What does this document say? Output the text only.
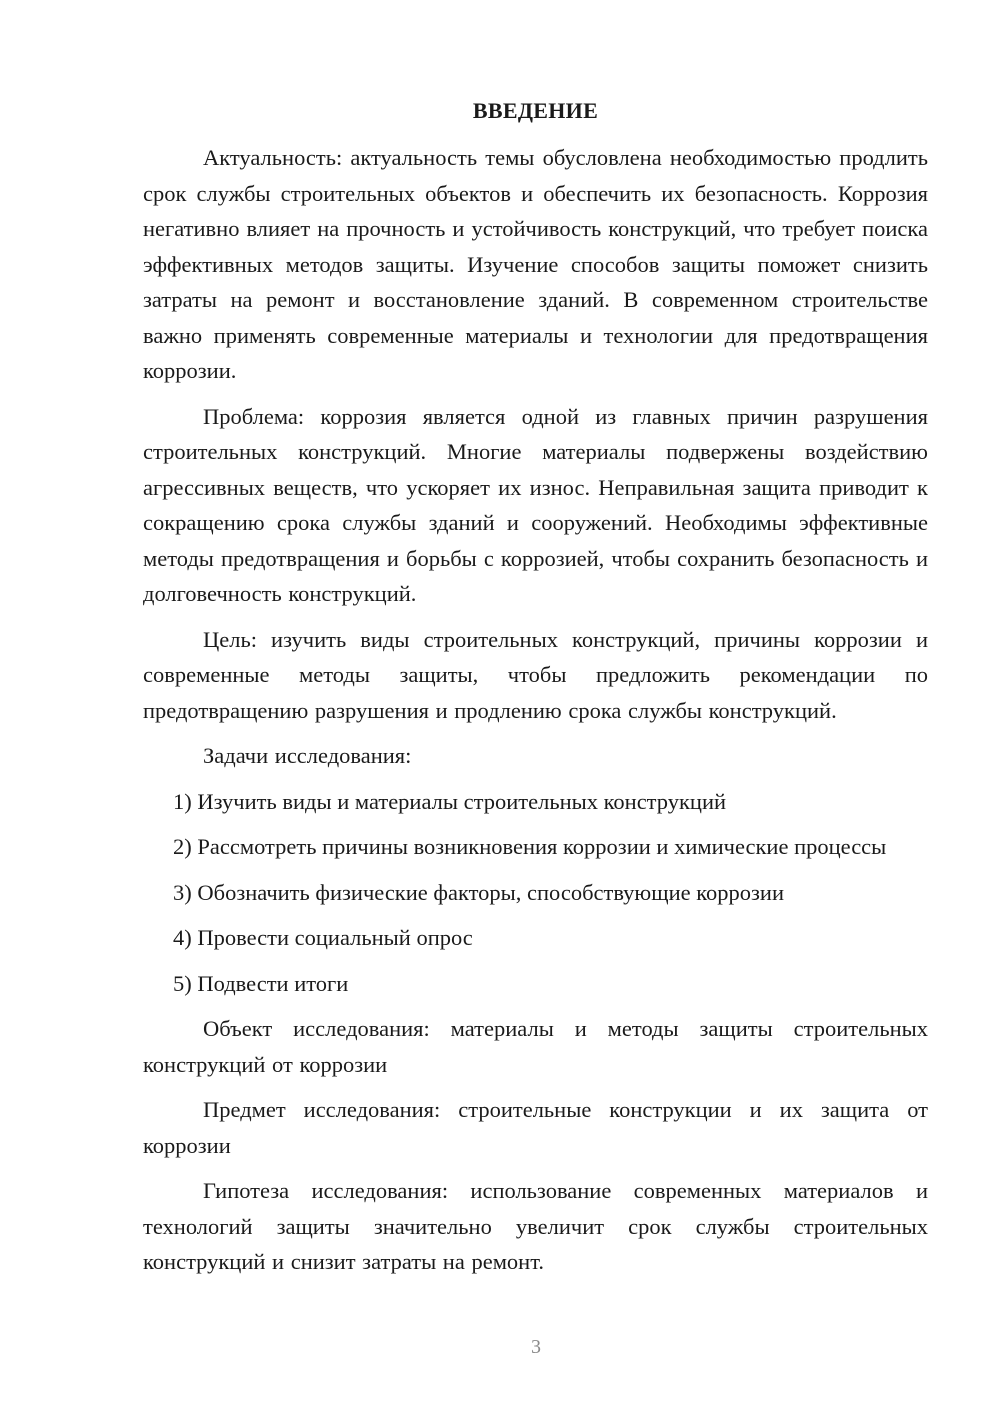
ВВЕДЕНИЕ

Актуальность: актуальность темы обусловлена необходимостью продлить срок службы строительных объектов и обеспечить их безопасность. Коррозия негативно влияет на прочность и устойчивость конструкций, что требует поиска эффективных методов защиты. Изучение способов защиты поможет снизить затраты на ремонт и восстановление зданий. В современном строительстве важно применять современные материалы и технологии для предотвращения коррозии.

Проблема: коррозия является одной из главных причин разрушения строительных конструкций. Многие материалы подвержены воздействию агрессивных веществ, что ускоряет их износ. Неправильная защита приводит к сокращению срока службы зданий и сооружений. Необходимы эффективные методы предотвращения и борьбы с коррозией, чтобы сохранить безопасность и долговечность конструкций.

Цель: изучить виды строительных конструкций, причины коррозии и современные методы защиты, чтобы предложить рекомендации по предотвращению разрушения и продлению срока службы конструкций.

Задачи исследования:

1) Изучить виды и материалы строительных конструкций

2) Рассмотреть причины возникновения коррозии и химические процессы

3) Обозначить физические факторы, способствующие коррозии

4) Провести социальный опрос

5) Подвести итоги

Объект исследования: материалы и методы защиты строительных конструкций от коррозии

Предмет исследования: строительные конструкции и их защита от коррозии

Гипотеза исследования: использование современных материалов и технологий защиты значительно увеличит срок службы строительных конструкций и снизит затраты на ремонт.

3
